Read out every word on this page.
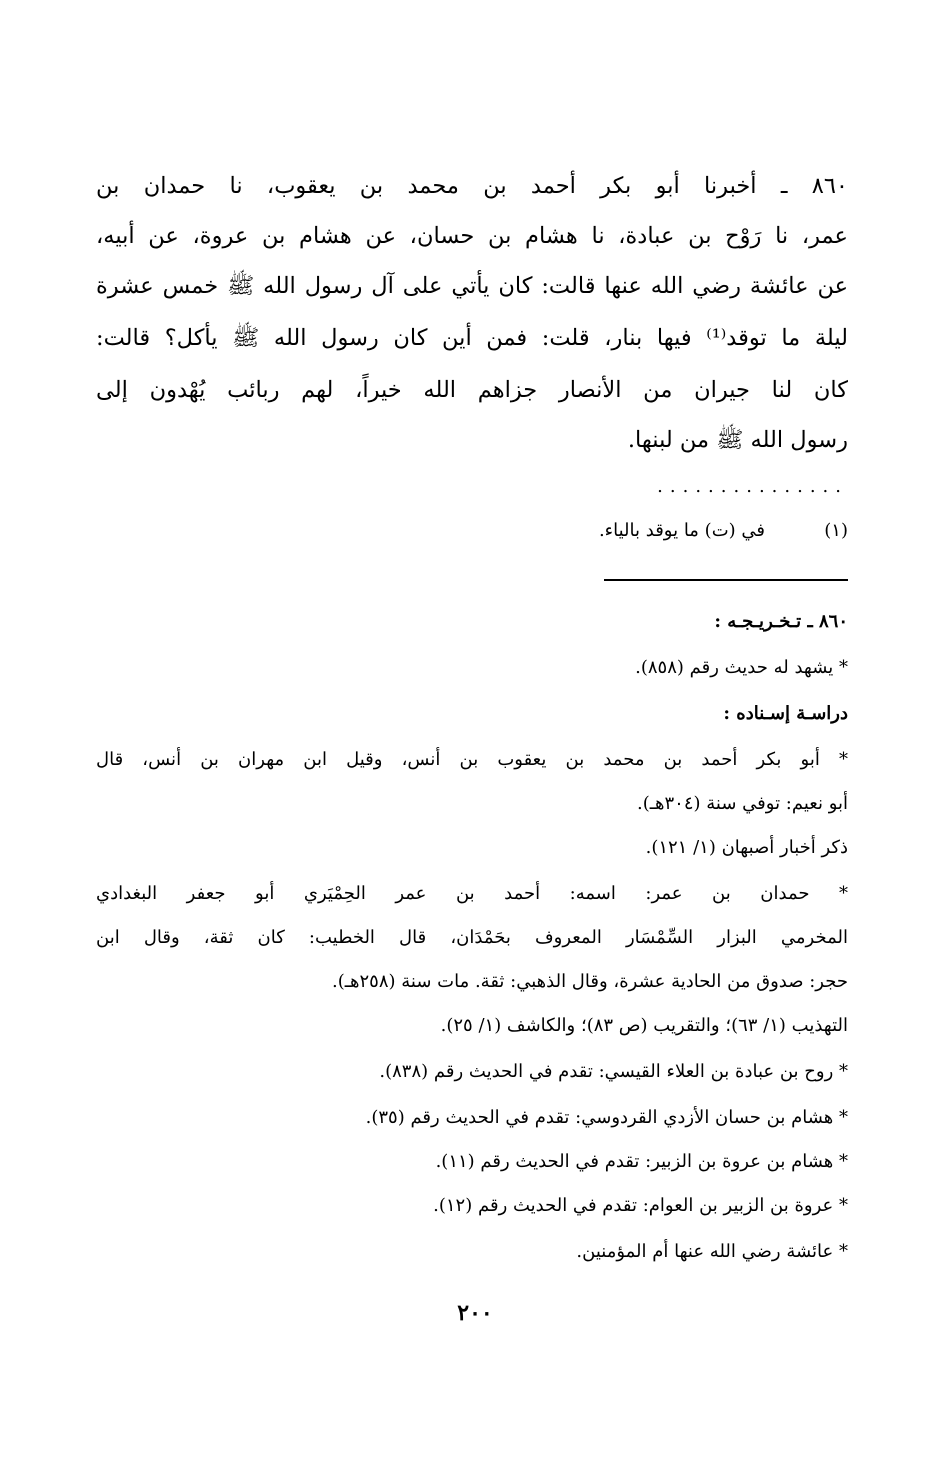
٨٦٠ ـ أخبرنا أبو بكر أحمد بن محمد بن يعقوب، نا حمدان بن
عمر، نا رَوْح بن عبادة، نا هشام بن حسان، عن هشام بن عروة، عن أبيه،
عن عائشة رضي الله عنها قالت: كان يأتي على آل رسول الله ﷺ خمس عشرة
ليلة ما توقد⁽¹⁾ فيها بنار، قلت: فمن أين كان رسول الله ﷺ يأكل؟ قالت:
كان لنا جيران من الأنصار جزاهم الله خيراً، لهم ربائب يُهْدون إلى
رسول الله ﷺ من لبنها.
...............
(١)
في (ت) ما يوقد بالياء.
٨٦٠ ـ تـخـريـجـه :
* يشهد له حديث رقم (٨٥٨).
دراسـة إسـناده :
* أبو بكر أحمد بن محمد بن يعقوب بن أنس، وقيل ابن مهران بن أنس، قال
أبو نعيم: توفي سنة (٣٠٤هـ).
ذكر أخبار أصبهان (١/ ١٢١).
* حمدان بن عمر: اسمه: أحمد بن عمر الحِمْيَري أبو جعفر البغدادي
المخرمي البزار السِّمْسَار المعروف بحَمْدَان، قال الخطيب: كان ثقة، وقال ابن
حجر: صدوق من الحادية عشرة، وقال الذهبي: ثقة. مات سنة (٢٥٨هـ).
التهذيب (١/ ٦٣)؛ والتقريب (ص ٨٣)؛ والكاشف (١/ ٢٥).
* روح بن عبادة بن العلاء القيسي: تقدم في الحديث رقم (٨٣٨).
* هشام بن حسان الأزدي القردوسي: تقدم في الحديث رقم (٣٥).
* هشام بن عروة بن الزبير: تقدم في الحديث رقم (١١).
* عروة بن الزبير بن العوام: تقدم في الحديث رقم (١٢).
* عائشة رضي الله عنها أم المؤمنين.
٢٠٠
